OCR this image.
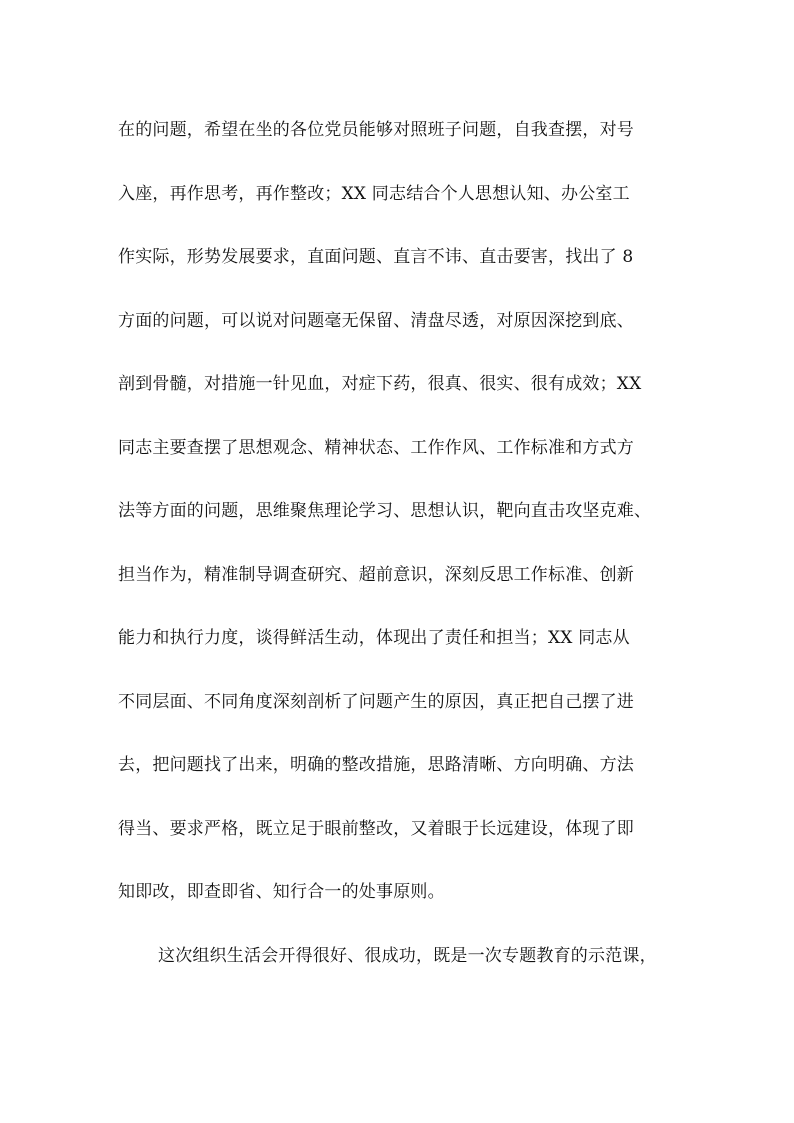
在的问题，希望在坐的各位党员能够对照班子问题，自我查摆，对号
入座，再作思考，再作整改；XX 同志结合个人思想认知、办公室工
作实际，形势发展要求，直面问题、直言不讳、直击要害，找出了 8
方面的问题，可以说对问题毫无保留、清盘尽透，对原因深挖到底、
剖到骨髓，对措施一针见血，对症下药，很真、很实、很有成效；XX
同志主要查摆了思想观念、精神状态、工作作风、工作标准和方式方
法等方面的问题，思维聚焦理论学习、思想认识，靶向直击攻坚克难、
担当作为，精准制导调查研究、超前意识，深刻反思工作标准、创新
能力和执行力度，谈得鲜活生动，体现出了责任和担当；XX 同志从
不同层面、不同角度深刻剖析了问题产生的原因，真正把自己摆了进
去，把问题找了出来，明确的整改措施，思路清晰、方向明确、方法
得当、要求严格，既立足于眼前整改，又着眼于长远建设，体现了即
知即改，即查即省、知行合一的处事原则。
这次组织生活会开得很好、很成功，既是一次专题教育的示范课，
